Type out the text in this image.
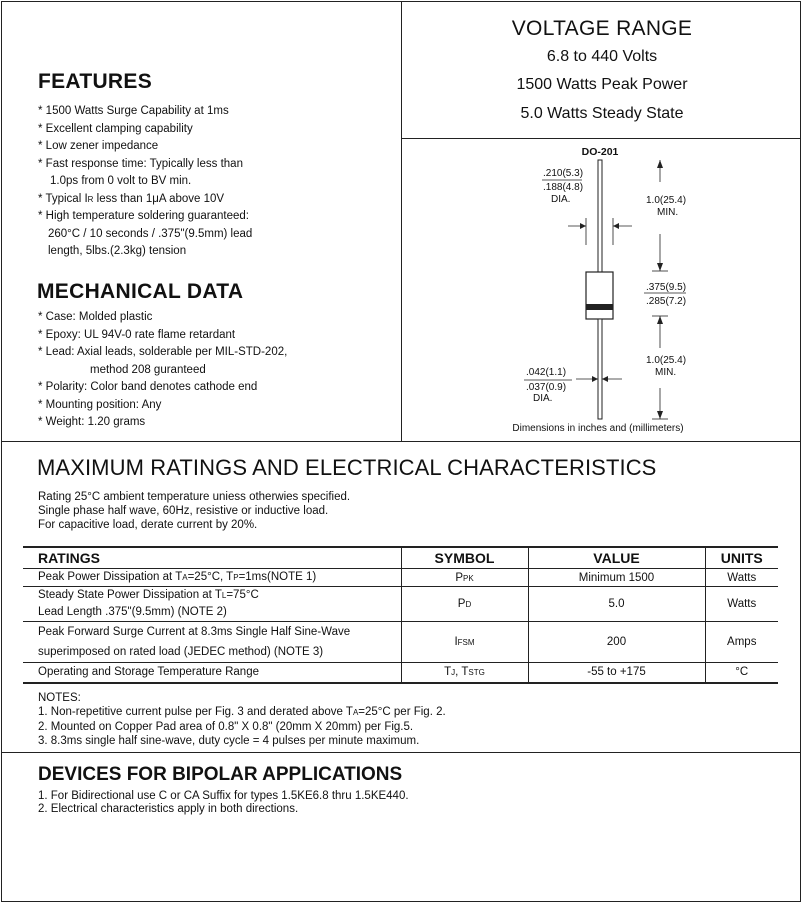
FEATURES
* 1500 Watts Surge Capability at 1ms
* Excellent clamping capability
* Low zener impedance
* Fast response time: Typically less than
1.0ps from 0 volt to BV min.
* Typical IR less than 1μA above 10V
* High temperature soldering guaranteed:
260°C / 10 seconds / .375"(9.5mm) lead
length, 5lbs.(2.3kg) tension
MECHANICAL DATA
* Case: Molded plastic
* Epoxy: UL 94V-0 rate flame retardant
* Lead: Axial leads, solderable per MIL-STD-202,
method 208 guranteed
* Polarity: Color band denotes cathode end
* Mounting position: Any
* Weight: 1.20 grams
VOLTAGE RANGE
6.8 to 440 Volts
1500 Watts Peak Power
5.0 Watts Steady State
DO-201
.210(5.3)
.188(4.8)
DIA.	1.0(25.4)
MIN.
.375(9.5)
.285(7.2)
1.0(25.4)
MIN.
.042(1.1)
.037(0.9)
DIA.
Dimensions in inches and (millimeters)
MAXIMUM RATINGS AND ELECTRICAL CHARACTERISTICS
Rating 25°C ambient temperature uniess otherwies specified.
Single phase half wave, 60Hz, resistive or inductive load.
For capacitive load, derate current by 20%.
RATINGS	SYMBOL	VALUE	UNITS
Peak Power Dissipation at TA=25°C, TP=1ms(NOTE 1)	PPK	Minimum 1500	Watts
Steady State Power Dissipation at TL=75°C
Lead Length .375"(9.5mm) (NOTE 2)	PD	5.0	Watts
Peak Forward Surge Current at 8.3ms Single Half Sine-Wave
superimposed on rated load (JEDEC method) (NOTE 3)	IFSM	200	Amps
Operating and Storage Temperature Range	TJ, TSTG	-55 to +175	°C
NOTES:
1. Non-repetitive current pulse per Fig. 3 and derated above TA=25°C per Fig. 2.
2. Mounted on Copper Pad area of 0.8" X 0.8" (20mm X 20mm) per Fig.5.
3. 8.3ms single half sine-wave, duty cycle = 4 pulses per minute maximum.
DEVICES FOR BIPOLAR APPLICATIONS
1. For Bidirectional use C or CA Suffix for types 1.5KE6.8 thru 1.5KE440.
2. Electrical characteristics apply in both directions.
